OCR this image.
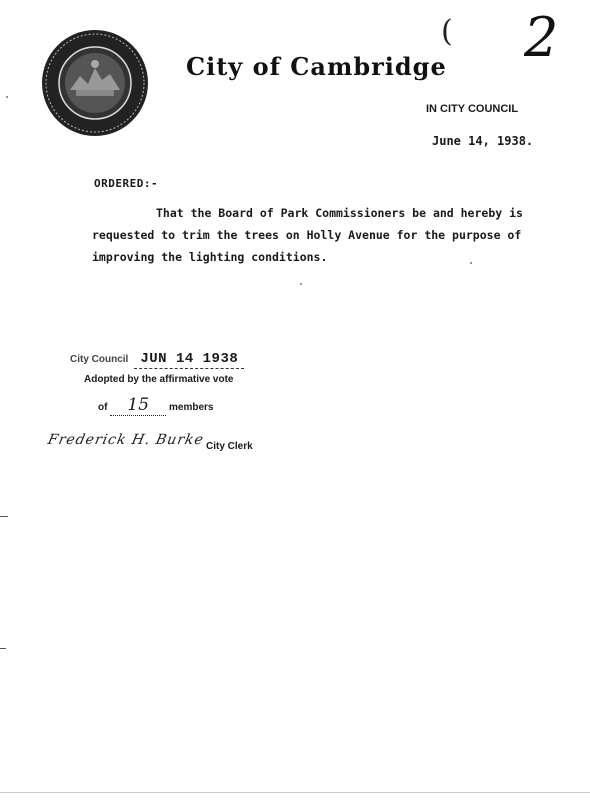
( 2
City of Cambridge
IN CITY COUNCIL
June 14, 1938.
ORDERED:-
That the Board of Park Commissioners be and hereby is
requested to trim the trees on Holly Avenue for the purpose of
improving the lighting conditions.
City Council JUN 14 1938
Adopted by the affirmative vote
of 15 members
Frederick H. Burke City Clerk
